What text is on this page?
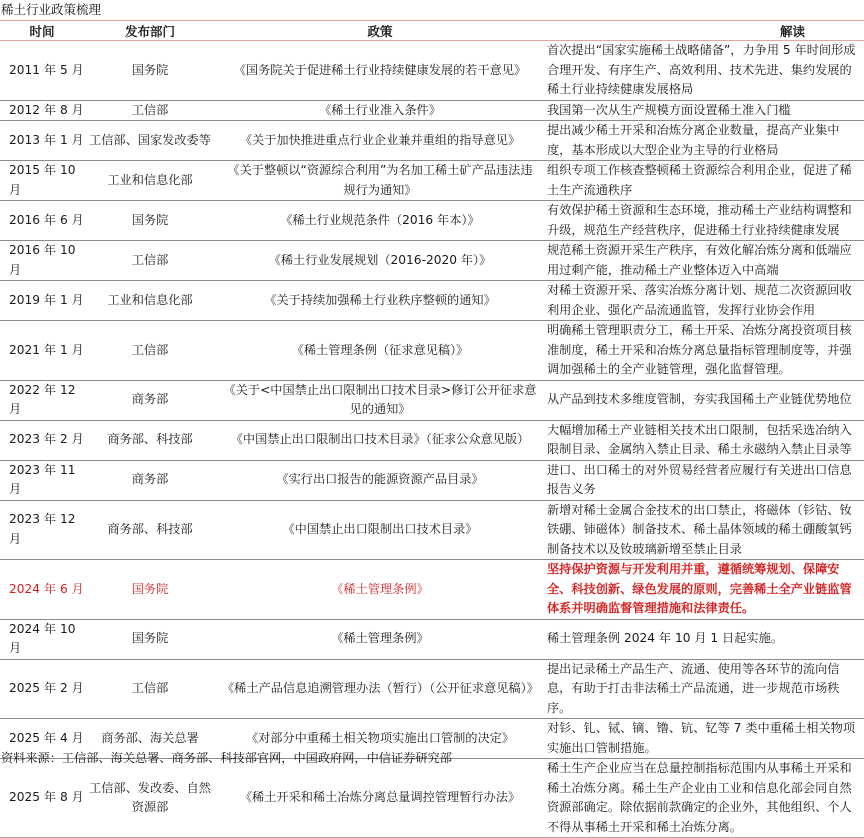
稀土行业政策梳理
时间	发布部门	政策	解读
2011 年 5 月	国务院	《国务院关于促进稀土行业持续健康发展的若干意见》	首次提出“国家实施稀土战略储备”，力争用 5 年时间形成合理开发、有序生产、高效利用、技术先进、集约发展的稀土行业持续健康发展格局
2012 年 8 月	工信部	《稀土行业准入条件》	我国第一次从生产规模方面设置稀土准入门槛
2013 年 1 月	工信部、国家发改委等	《关于加快推进重点行业企业兼并重组的指导意见》	提出减少稀土开采和冶炼分离企业数量，提高产业集中度，基本形成以大型企业为主导的行业格局
2015 年 10 月	工业和信息化部	《关于整顿以“资源综合利用”为名加工稀土矿产品违法违规行为通知》	组织专项工作核查整顿稀土资源综合利用企业，促进了稀土生产流通秩序
2016 年 6 月	国务院	《稀土行业规范条件（2016 年本）》	有效保护稀土资源和生态环境，推动稀土产业结构调整和升级，规范生产经营秩序，促进稀土行业持续健康发展
2016 年 10 月	工信部	《稀土行业发展规划（2016-2020 年）》	规范稀土资源开采生产秩序，有效化解冶炼分离和低端应用过剩产能，推动稀土产业整体迈入中高端
2019 年 1 月	工业和信息化部	《关于持续加强稀土行业秩序整顿的通知》	对稀土资源开采、落实冶炼分离计划、规范二次资源回收利用企业、强化产品流通监管，发挥行业协会作用
2021 年 1 月	工信部	《稀土管理条例（征求意见稿）》	明确稀土管理职责分工，稀土开采、冶炼分离投资项目核准制度，稀土开采和冶炼分离总量指标管理制度等，并强调加强稀土的全产业链管理，强化监督管理。
2022 年 12 月	商务部	《关于<中国禁止出口限制出口技术目录>修订公开征求意见的通知》	从产品到技术多维度管制，夯实我国稀土产业链优势地位
2023 年 2 月	商务部、科技部	《中国禁止出口限制出口技术目录》（征求公众意见版）	大幅增加稀土产业链相关技术出口限制，包括采选冶纳入限制目录、金属纳入禁止目录、稀土永磁纳入禁止目录等
2023 年 11 月	商务部	《实行出口报告的能源资源产品目录》	进口、出口稀土的对外贸易经营者应履行有关进出口信息报告义务
2023 年 12 月	商务部、科技部	《中国禁止出口限制出口技术目录》	新增对稀土金属合金技术的出口禁止，将磁体（钐钴、钕铁硼、铈磁体）制备技术、稀土晶体领域的稀土硼酸氧钙制备技术以及钕玻璃新增至禁止目录
2024 年 6 月	国务院	《稀土管理条例》	坚持保护资源与开发利用并重，遵循统筹规划、保障安全、科技创新、绿色发展的原则，完善稀土全产业链监管体系并明确监督管理措施和法律责任。
2024 年 10 月	国务院	《稀土管理条例》	稀土管理条例 2024 年 10 月 1 日起实施。
2025 年 2 月	工信部	《稀土产品信息追溯管理办法（暂行）（公开征求意见稿）》	提出记录稀土产品生产、流通、使用等各环节的流向信息，有助于打击非法稀土产品流通，进一步规范市场秩序。
2025 年 4 月	商务部、海关总署	《对部分中重稀土相关物项实施出口管制的决定》	对钐、钆、铽、镝、镥、钪、钇等 7 类中重稀土相关物项实施出口管制措施。
2025 年 8 月	工信部、发改委、自然资源部	《稀土开采和稀土冶炼分离总量调控管理暂行办法》	稀土生产企业应当在总量控制指标范围内从事稀土开采和稀土冶炼分离。稀土生产企业由工业和信息化部会同自然资源部确定。除依据前款确定的企业外，其他组织、个人不得从事稀土开采和稀土冶炼分离。
资料来源：工信部、海关总署、商务部、科技部官网，中国政府网，中信证券研究部
